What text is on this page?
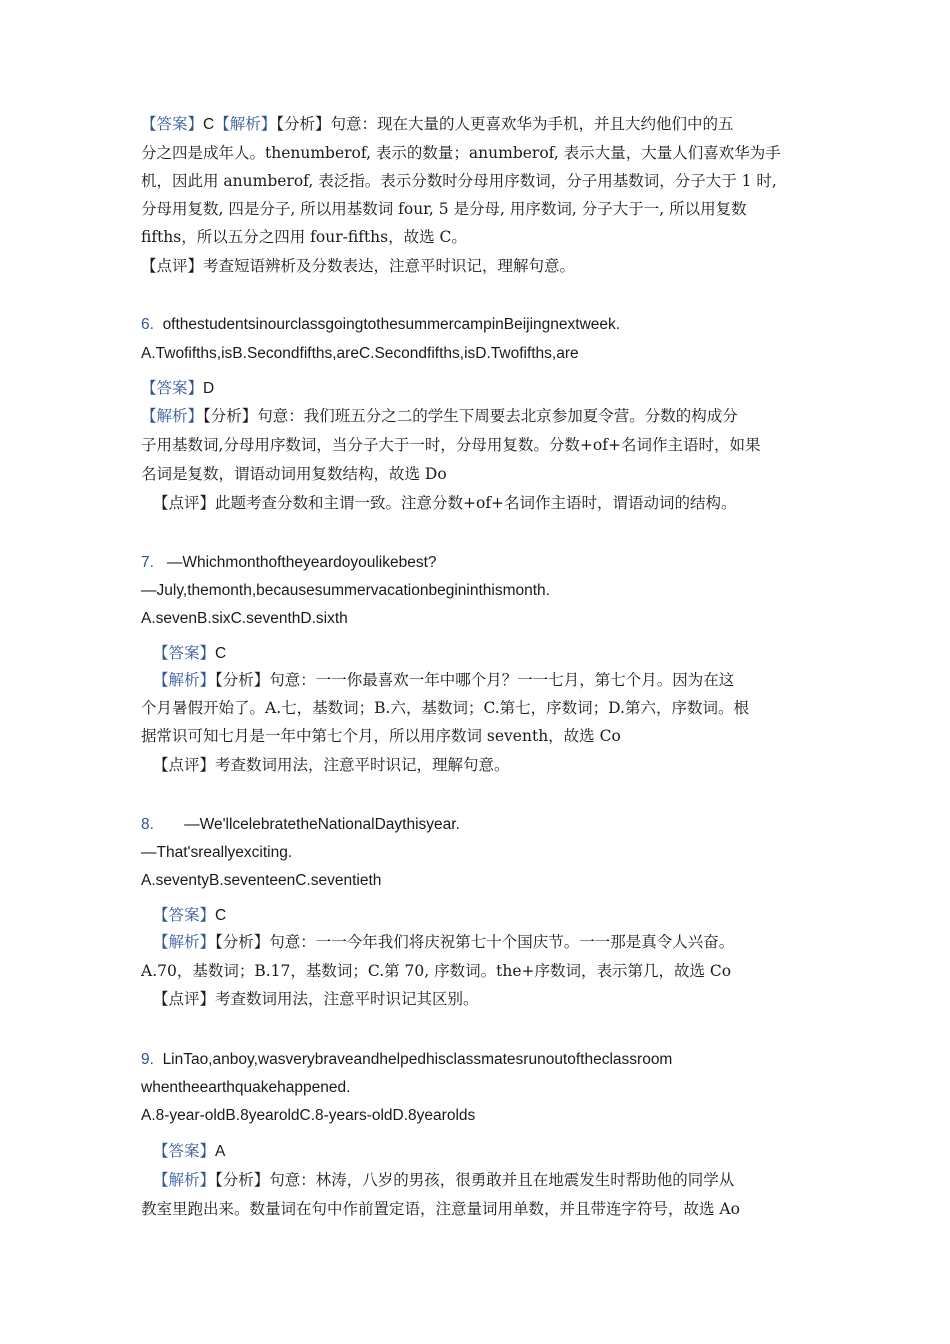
【答案】C【解析】【分析】句意：现在大量的人更喜欢华为手机，并且大约他们中的五
分之四是成年人。thenumberof, 表示的数量；anumberof, 表示大量，大量人们喜欢华为手
机，因此用 anumberof, 表泛指。表示分数时分母用序数词，分子用基数词，分子大于 1 时,
分母用复数, 四是分子, 所以用基数词 four, 5 是分母, 用序数词, 分子大于一, 所以用复数
fifths，所以五分之四用 four-fifths，故选 C。
【点评】考查短语辨析及分数表达，注意平时识记，理解句意。
6. ofthestudentsinourclassgoingtothesummercampinBeijingnextweek.
A.Twofifths,isB.Secondfifths,areC.Secondfifths,isD.Twofifths,are
【答案】D
【解析】【分析】句意：我们班五分之二的学生下周要去北京参加夏令营。分数的构成分
子用基数词,分母用序数词，当分子大于一时，分母用复数。分数+of+名词作主语时，如果
名词是复数，谓语动词用复数结构，故选 Do
【点评】此题考查分数和主谓一致。注意分数+of+名词作主语时，谓语动词的结构。
7. —Whichmonthoftheyeardoyoulikebest?
—July,themonth,becausesummervacationbegininthismonth.
A.sevenB.sixC.seventhD.sixth
【答案】C
【解析】【分析】句意：一一你最喜欢一年中哪个月？一一七月，第七个月。因为在这
个月暑假开始了。A.七，基数词；B.六，基数词；C.第七，序数词；D.第六，序数词。根
据常识可知七月是一年中第七个月，所以用序数词 seventh，故选 Co
【点评】考查数词用法，注意平时识记，理解句意。
8. —We'llcelebratetheNationalDaythisyear.
—That'sreallyexciting.
A.seventyB.seventeenC.seventieth
【答案】C
【解析】【分析】句意：一一今年我们将庆祝第七十个国庆节。一一那是真令人兴奋。
A.70，基数词；B.17，基数词；C.第 70, 序数词。the+序数词，表示第几，故选 Co
【点评】考查数词用法，注意平时识记其区别。
9. LinTao,anboy,wasverybraveandhelpedhisclassmatesrunoutoftheclassroom
whentheearthquakehappened.
A.8-year-oldB.8yearoldC.8-years-oldD.8yearolds
【答案】A
【解析】【分析】句意：林涛，八岁的男孩，很勇敢并且在地震发生时帮助他的同学从
教室里跑出来。数量词在句中作前置定语，注意量词用单数，并且带连字符号，故选 Ao
